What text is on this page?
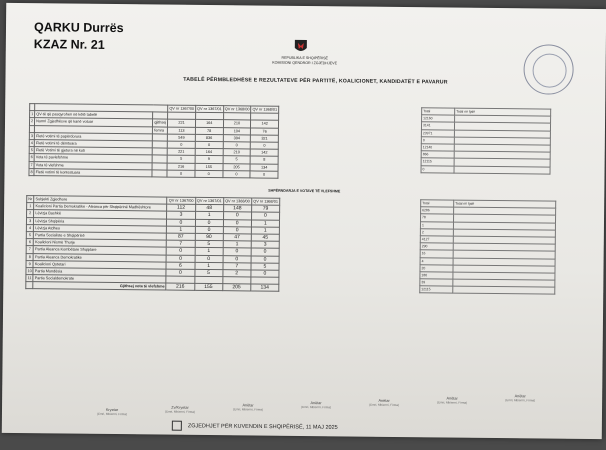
QARKU Durrës
KZAZ Nr. 21
REPUBLIKA E SHQIPËRISË
KOMISIONI QENDROR I ZGJEDHJEVE
TABELË PËRMBLEDHËSE E REZULTATEVE PËR PARTITË, KOALICIONET, KANDIDATËT E PAVARUR
			QV nr 1367/00	QV nr 1367/01	QV nr 1368/00	QV nr 1368/01
1	QV-të që pasqyrohen në këtë tabelë					
2	Numri Zgjedhësve që kanë votuar	gjithsej	221	164	210	142
		femra	113	78	104	76
3	Fletë votimi të papërdorura		549	836	394	321
4	Fletë votimi të dëmtuara		0	0	0	0
5	Fletë Votimi të gjetura në kuti		221	164	210	142
6	Vota të pavlefshme		5	9	5	8
7	Vota të vlefshme		216	155	205	134
8	Fletë votimi të kontestuara		0	0	0	0
Total	Total në fjalë
12160	
3141	
23971	
0	
12140	
866	
12115	
0	
SHPËRNDARJA E VOTAVE TË VLEFSHME
Nr	Subjekti Zgjedhore	QV nr 1367/00	QV nr 1367/01	QV nr 1368/00	QV nr 1368/01
1	Koalicioni Partia Demokratike - Aleanca për Shqipërinë Madhështore	112	48	148	79
2	Lëvizja Bashkë	3	1	0	0
3	Lëvizja Shqipëria	0	0	0	1
4	Lëvizja Atdheu	1	0	0	1
5	Partia Socialiste e Shqipërisë	87	90	47	45
6	Koalicioni Nismë Thurje	7	5	1	3
7	Partia Aleanca Kombëtare Shqiptare	0	1	0	0
8	Partia Aleanca Demokratike	0	0	0	0
9	Koalicioni Qytetari	6	1	7	5
10	Partia Mundësia	0	5	2	0
11	Partia Socialdemokrate				
	Gjithsej vota të vlefshme	216	155	205	134
Total	Total në fjalë
6286	
78	
1	
2	
4127	
290	
16	
4	
20	
180	
39	
12115	
Kryetar
(Emri, Mbiemri, Firma)
Zv/Kryetar
(Emri, Mbiemri, Firma)
Anëtar
(Emri, Mbiemri, Firma)
Anëtar
(Emri, Mbiemri, Firma)
Anëtar
(Emri, Mbiemri, Firma)
Anëtar
(Emri, Mbiemri, Firma)
Anëtar
(Emri, Mbiemri, Firma)
ZGJEDHJET PËR KUVENDIN E SHQIPËRISË, 11 MAJ 2025
